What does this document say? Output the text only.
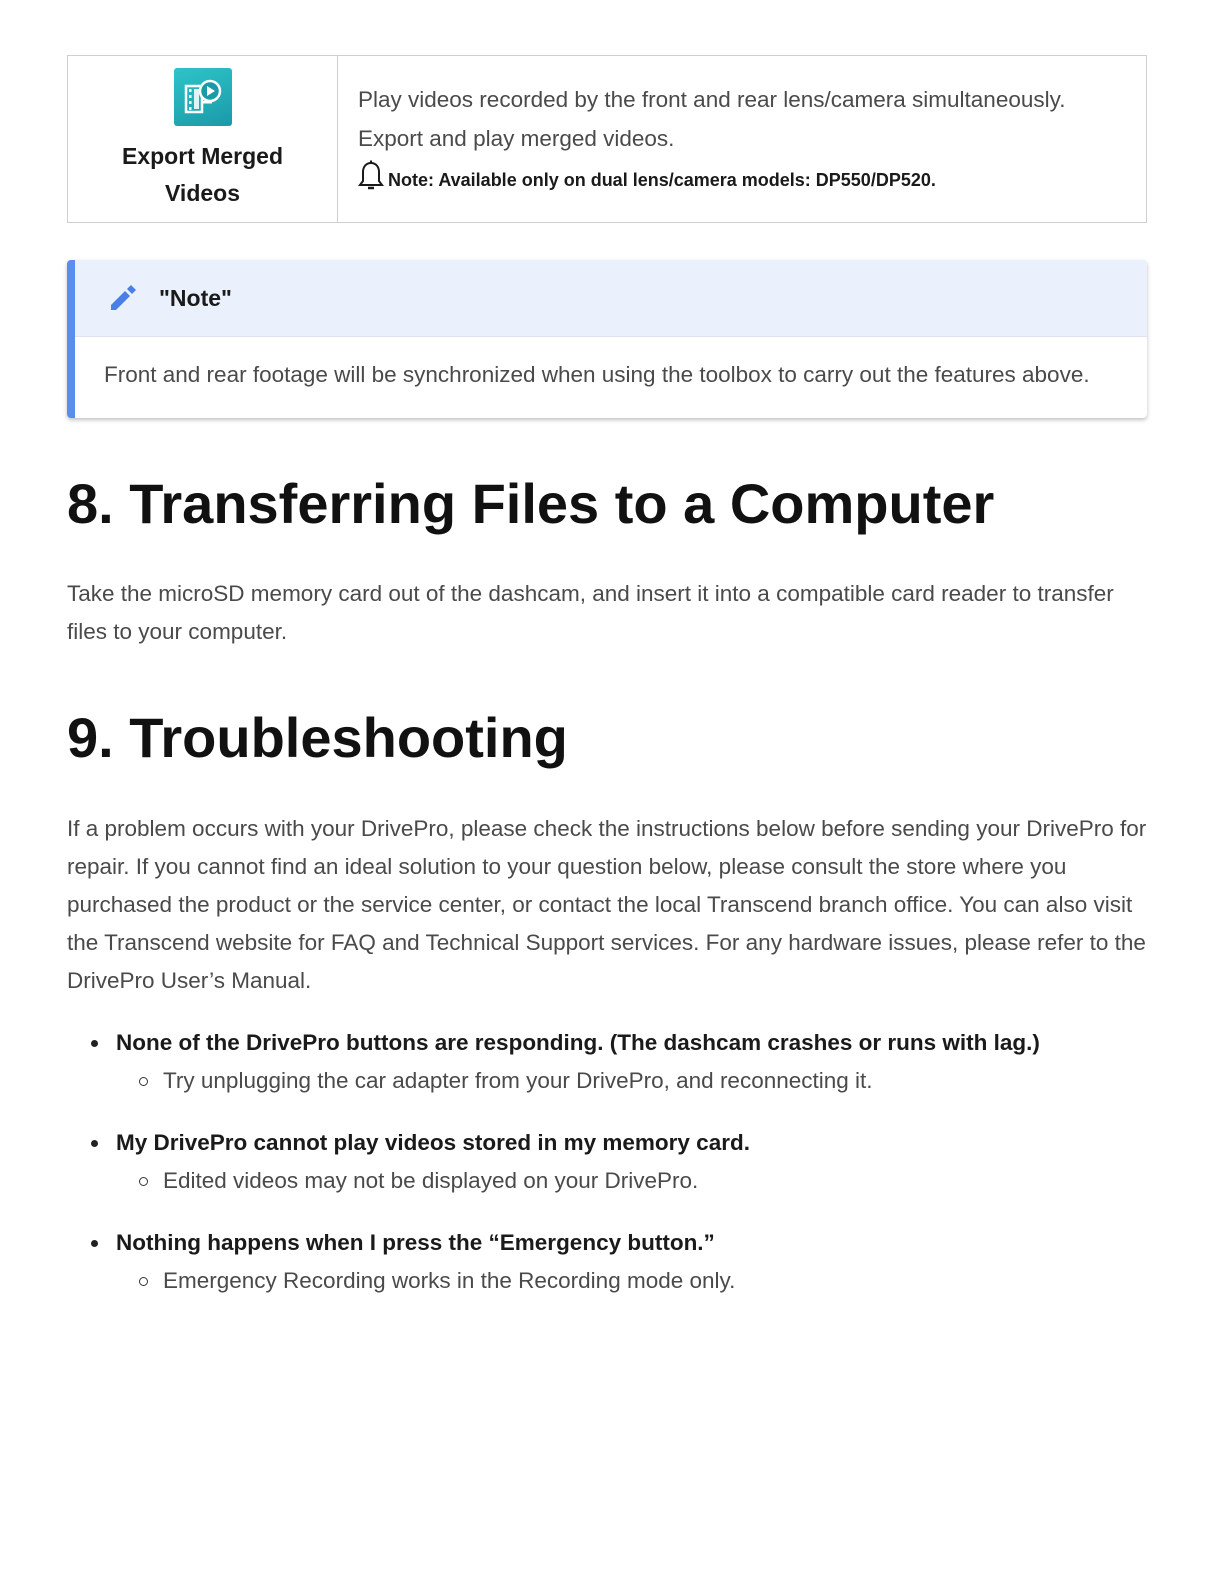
Export Merged Videos
Play videos recorded by the front and rear lens/camera simultaneously.
Export and play merged videos.
Note: Available only on dual lens/camera models: DP550/DP520.
"Note"
Front and rear footage will be synchronized when using the toolbox to carry out the features above.
8. Transferring Files to a Computer

Take the microSD memory card out of the dashcam, and insert it into a compatible card reader to transfer files to your computer.

9. Troubleshooting

If a problem occurs with your DrivePro, please check the instructions below before sending your DrivePro for repair. If you cannot find an ideal solution to your question below, please consult the store where you purchased the product or the service center, or contact the local Transcend branch office. You can also visit the Transcend website for FAQ and Technical Support services. For any hardware issues, please refer to the DrivePro User’s Manual.

None of the DrivePro buttons are responding. (The dashcam crashes or runs with lag.)
Try unplugging the car adapter from your DrivePro, and reconnecting it.
My DrivePro cannot play videos stored in my memory card.
Edited videos may not be displayed on your DrivePro.
Nothing happens when I press the “Emergency button.”
Emergency Recording works in the Recording mode only.
